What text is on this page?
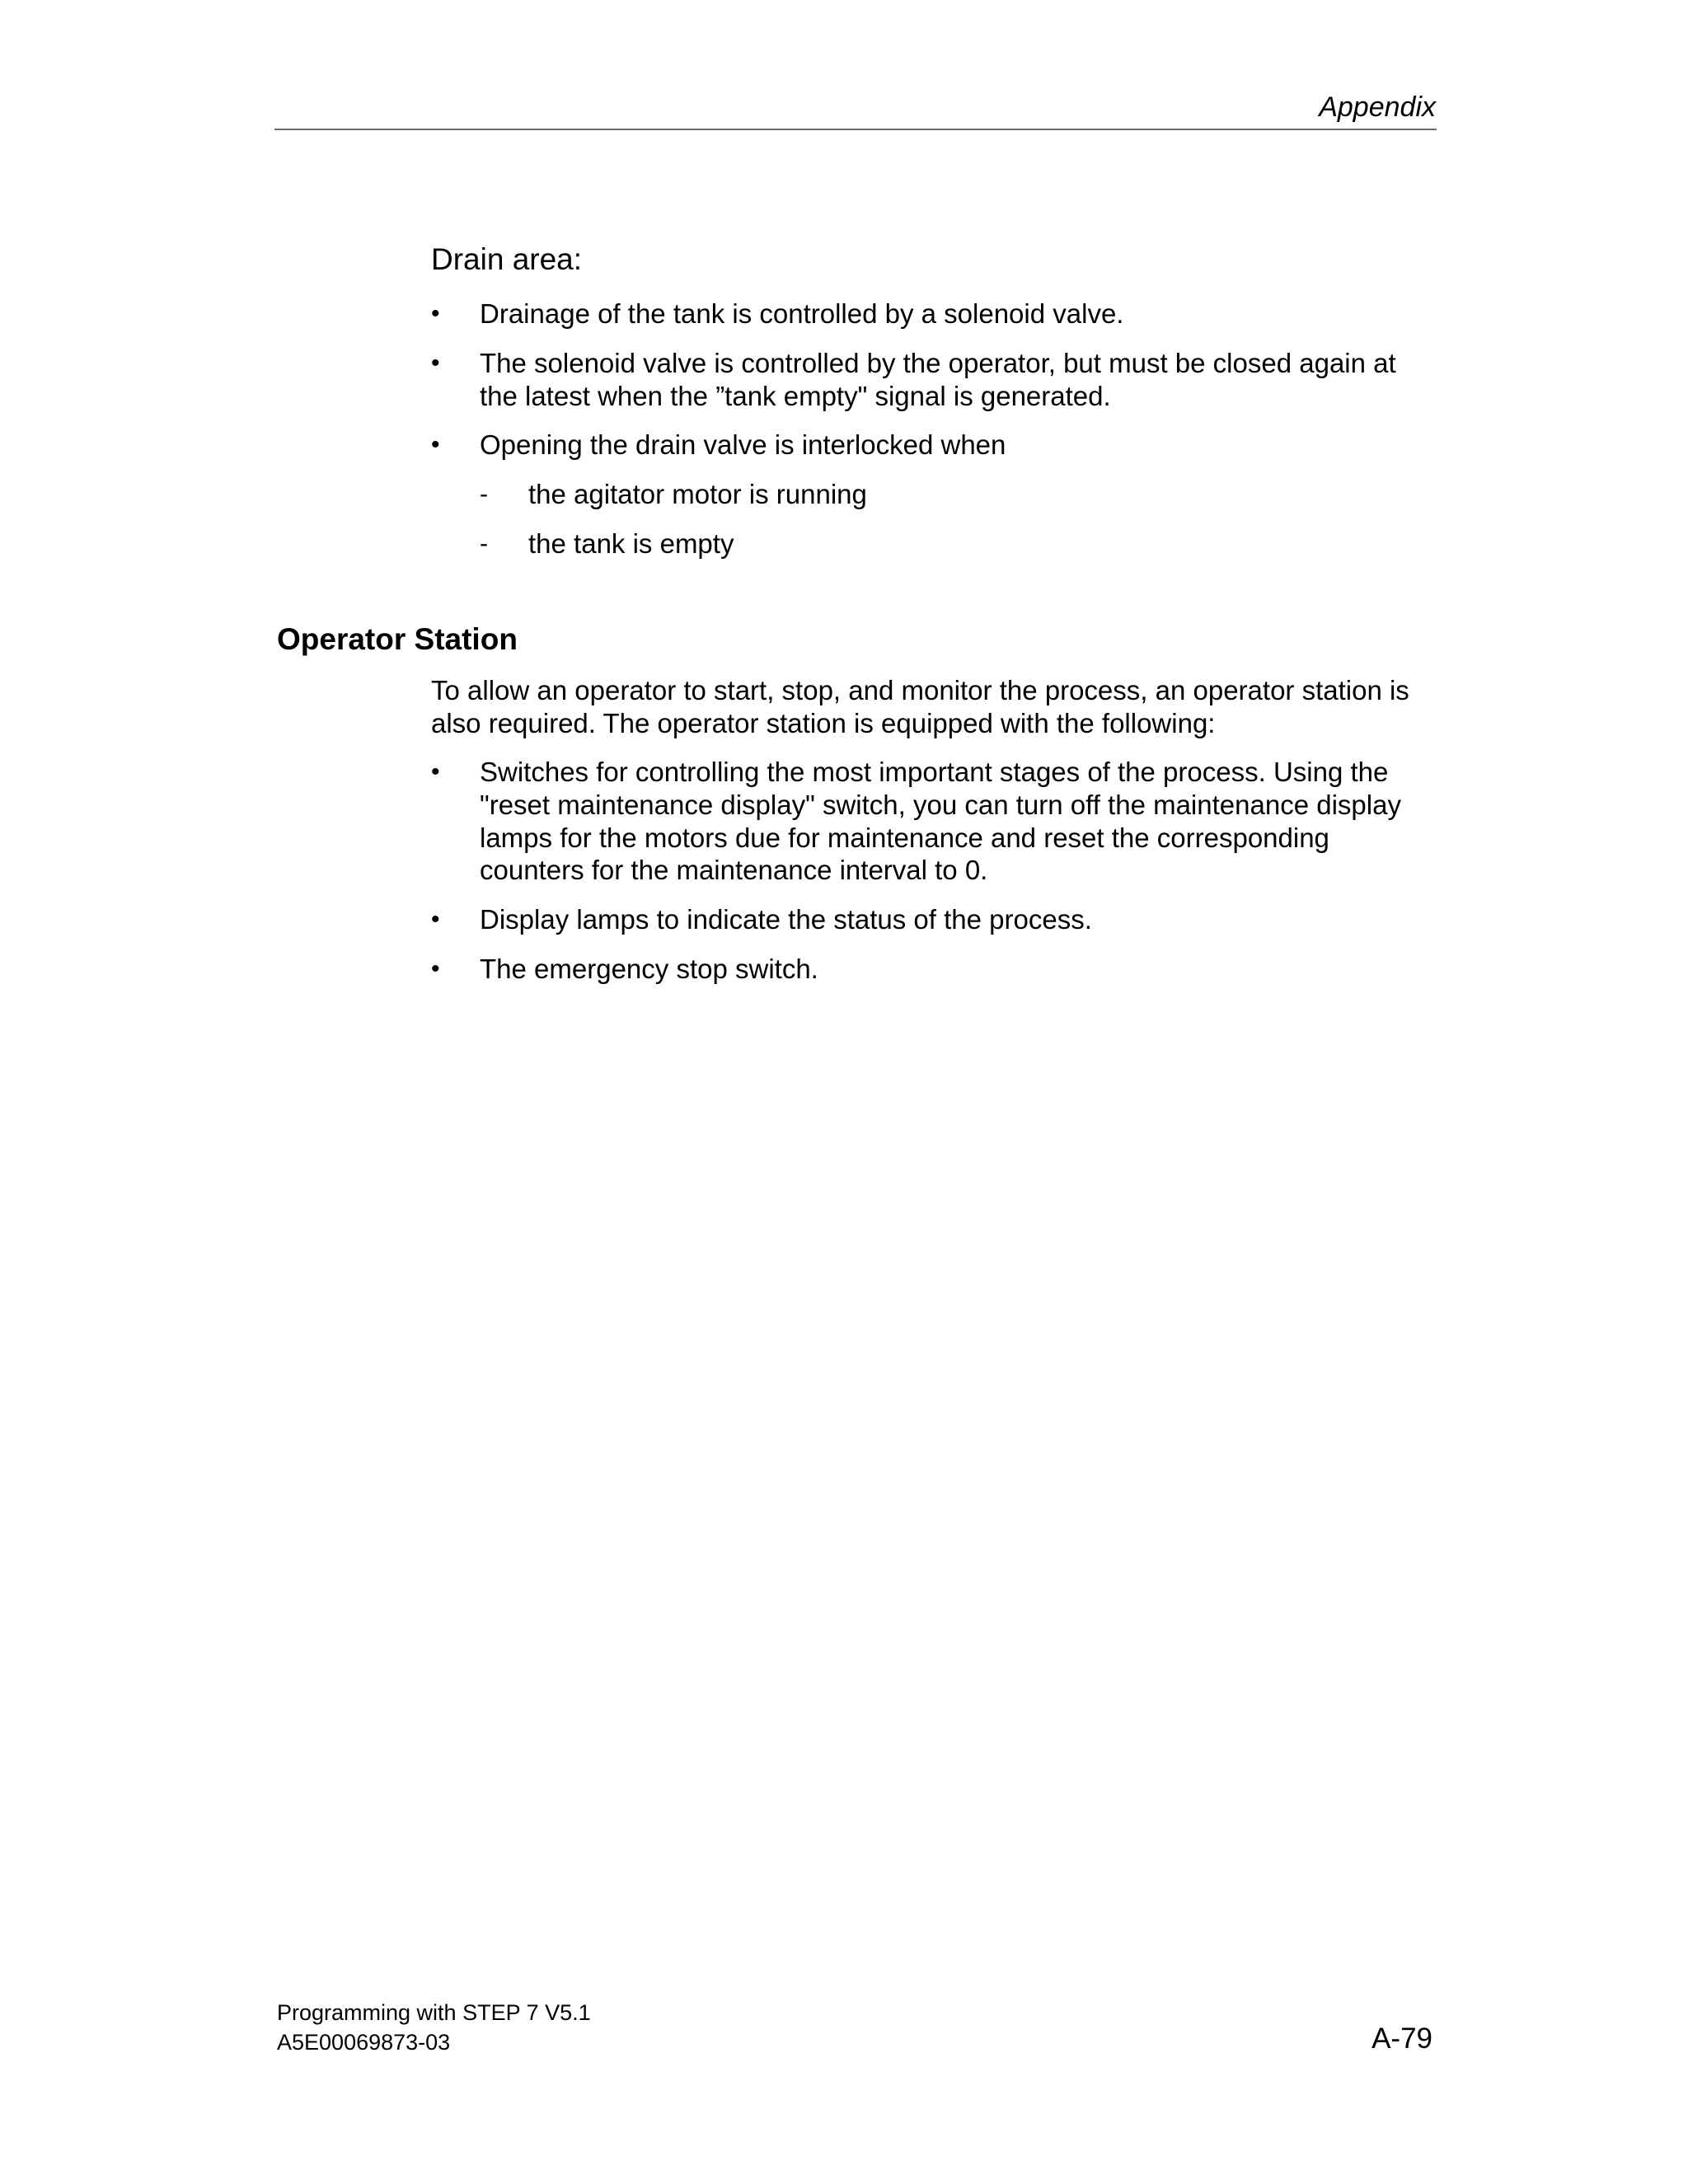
Appendix
Drain area:
• Drainage of the tank is controlled by a solenoid valve.
• The solenoid valve is controlled by the operator, but must be closed again at
the latest when the ”tank empty" signal is generated.
• Opening the drain valve is interlocked when
- the agitator motor is running
- the tank is empty
Operator Station
To allow an operator to start, stop, and monitor the process, an operator station is
also required. The operator station is equipped with the following:
• Switches for controlling the most important stages of the process. Using the
"reset maintenance display" switch, you can turn off the maintenance display
lamps for the motors due for maintenance and reset the corresponding
counters for the maintenance interval to 0.
• Display lamps to indicate the status of the process.
• The emergency stop switch.
Programming with STEP 7 V5.1
A5E00069873-03	A-79
